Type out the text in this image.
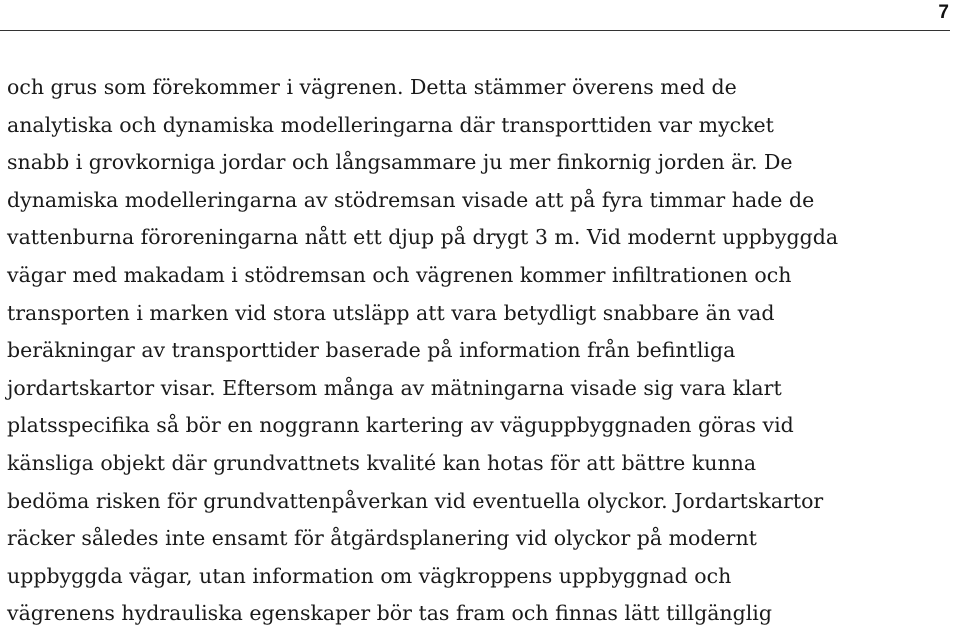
7

och grus som förekommer i vägrenen. Detta stämmer överens med de
analytiska och dynamiska modelleringarna där transporttiden var mycket
snabb i grovkorniga jordar och långsammare ju mer finkornig jorden är. De
dynamiska modelleringarna av stödremsan visade att på fyra timmar hade de
vattenburna föroreningarna nått ett djup på drygt 3 m. Vid modernt uppbyggda
vägar med makadam i stödremsan och vägrenen kommer infiltrationen och
transporten i marken vid stora utsläpp att vara betydligt snabbare än vad
beräkningar av transporttider baserade på information från befintliga
jordartskartor visar. Eftersom många av mätningarna visade sig vara klart
platsspecifika så bör en noggrann kartering av väguppbyggnaden göras vid
känsliga objekt där grundvattnets kvalité kan hotas för att bättre kunna
bedöma risken för grundvattenpåverkan vid eventuella olyckor. Jordartskartor
räcker således inte ensamt för åtgärdsplanering vid olyckor på modernt
uppbyggda vägar, utan information om vägkroppens uppbyggnad och
vägrenens hydrauliska egenskaper bör tas fram och finnas lätt tillgänglig
